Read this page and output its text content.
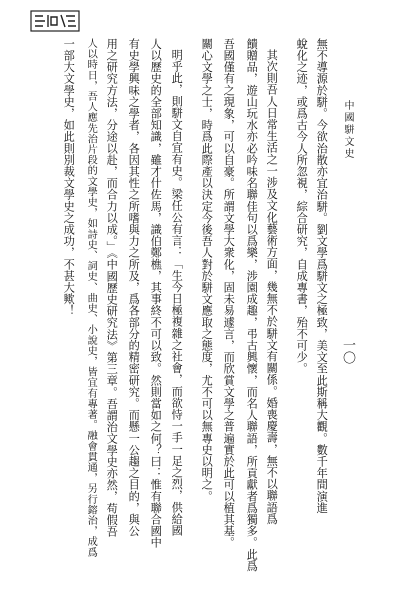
中國駢文史
一〇
無不導源於駢。今欲治散亦宜治駢。劉文學爲駢文之極致，美文至此斯稱大觀。數千年間演進
蛻化之迹，或爲古今人所忽視，綜合研究，自成專書，殆不可少。
其次則吾人日常生活之一涉及文化藝術方面，幾無不於駢文有關係。婚喪慶壽，無不以聯語爲
饋贈品，遊山玩水亦必吟味名聯佳句以爲樂，涉園成趣，弔古興懷，而名人聯語，所貢獻者爲獨多。此爲
吾國僅有之現象，可以自豪。所謂文學大衆化，固未易遽言，而欣賞文學之普遍實於此可以植其基。
關心文學之士，時爲此際產以決定今後吾人對於駢文應取之態度，尤不可以無專史以明之。
明乎此，則駢文自宜有史。梁任公有言：「生今日極複雜之社會，而欲恃一手一足之烈，供給國
人以歷史的全部知識，雖才什佐馬，識伯鄭樵，其事終不可以致。然則當如之何？曰：惟有聯合國中
有史學興味之學者，各因其性之所嗜與力之所及，爲各部分的精密研究。而懸一公趨之目的，與公
用之研究方法，分途以赴，而合力以成。」《中國歷史研究法》第三章。吾謂治文學史亦然，苟假吾
人以時日，吾人應先治片段的文學史，如詩史、詞史、曲史、小說史，皆宜有專著。融會貫通，另行鎔治，成爲
一部大文學史，如此則別裁文學史之成功，不甚大歟！
